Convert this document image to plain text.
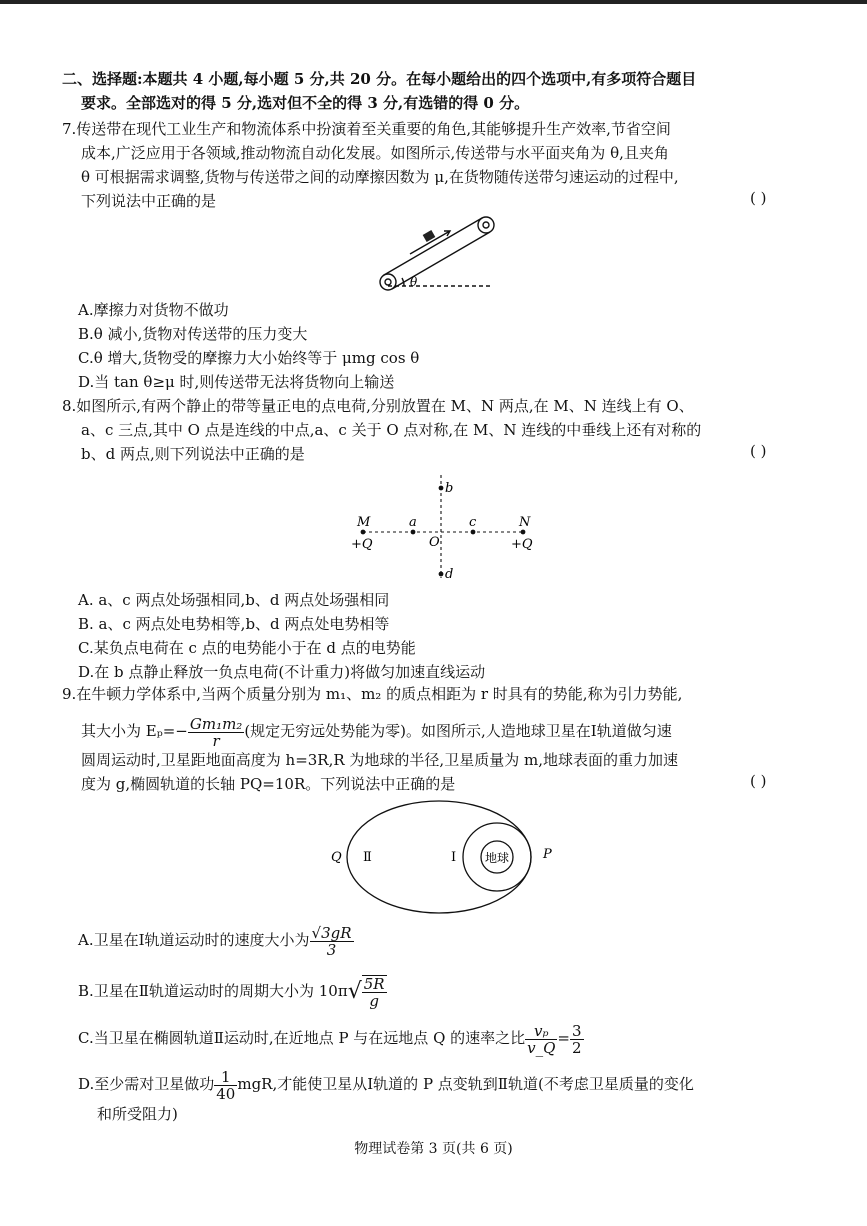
二、选择题:本题共 4 小题,每小题 5 分,共 20 分。在每小题给出的四个选项中,有多项符合题目
要求。全部选对的得 5 分,选对但不全的得 3 分,有选错的得 0 分。
7.传送带在现代工业生产和物流体系中扮演着至关重要的角色,其能够提升生产效率,节省空间
成本,广泛应用于各领域,推动物流自动化发展。如图所示,传送带与水平面夹角为 θ,且夹角
θ 可根据需求调整,货物与传送带之间的动摩擦因数为 μ,在货物随传送带匀速运动的过程中,
下列说法中正确的是	( )
θ
A.摩擦力对货物不做功
B.θ 减小,货物对传送带的压力变大
C.θ 增大,货物受的摩擦力大小始终等于 μmg cos θ
D.当 tan θ≥μ 时,则传送带无法将货物向上输送
8.如图所示,有两个静止的带等量正电的点电荷,分别放置在 M、N 两点,在 M、N 连线上有 O、
a、c 三点,其中 O 点是连线的中点,a、c 关于 O 点对称,在 M、N 连线的中垂线上还有对称的
b、d 两点,则下列说法中正确的是	( )
M	a	c	N
b
d
O
+Q	+Q
A. a、c 两点处场强相同,b、d 两点处场强相同
B. a、c 两点处电势相等,b、d 两点处电势相等
C.某负点电荷在 c 点的电势能小于在 d 点的电势能
D.在 b 点静止释放一负点电荷(不计重力)将做匀加速直线运动
9.在牛顿力学体系中,当两个质量分别为 m₁、m₂ 的质点相距为 r 时具有的势能,称为引力势能,
其大小为 $E_p=- \frac{\text{Gm₁m₂}}{r}$ (规定无穷远处势能为零)。如图所示,人造地球卫星在Ⅰ轨道做匀速
圆周运动时,卫星距地面高度为 h=3R,R 为地球的半径,卫星质量为 m,地球表面的重力加速
度为 g,椭圆轨道的长轴 PQ=10R。下列说法中正确的是	( )
Q Ⅱ	Ⅰ 地球	P
A.卫星在Ⅰ轨道运动时的速度大小为 $\frac{√3gR}{3}$
B.卫星在Ⅱ轨道运动时的周期大小为 $10\pi√ \frac{5R}{g}$
C.当卫星在椭圆轨道Ⅱ运动时,在近地点 P 与在远地点 Q 的速率之比 $\frac{\text{vₚ}}{v\_Q} = \frac{3}{2}$
D.至少需对卫星做功 $\frac{1}{40}$ mgR,才能使卫星从Ⅰ轨道的 P 点变轨到Ⅱ轨道(不考虑卫星质量的变化
和所受阻力)
物理试卷第 3 页(共 6 页)
